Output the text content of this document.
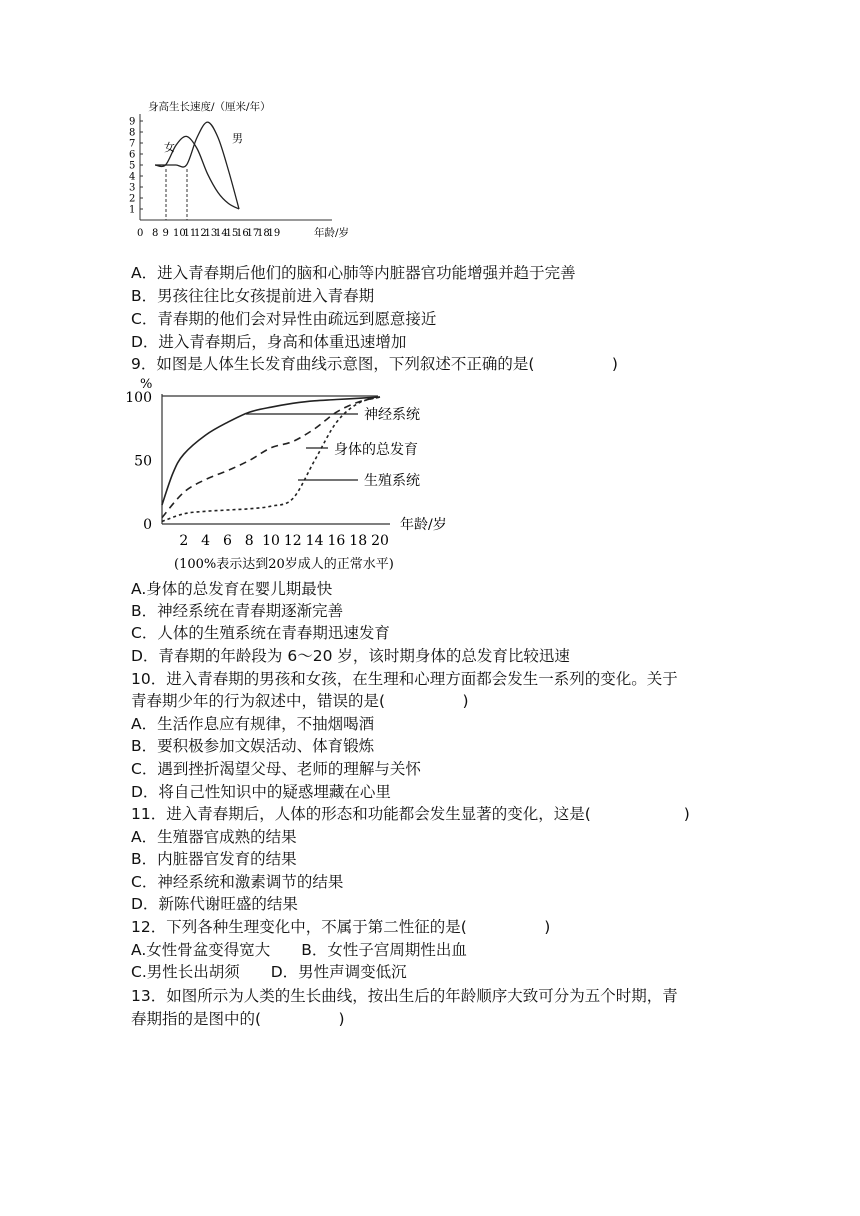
身高生长速度/（厘米/年）
1
2
3
4
5
6
7
8
9
0 8 9 10
11
12
13
14
15
16
17
18
19
女
男
年龄/岁
%
0
50
100
2 4 6 8 10 12 14 16 18 20
神经系统
身体的总发育
生殖系统
年龄/岁
(100%表示达到20岁成人的正常水平)
A．进入青春期后他们的脑和心肺等内脏器官功能增强并趋于完善
B．男孩往往比女孩提前进入青春期
C．青春期的他们会对异性由疏远到愿意接近
D．进入青春期后，身高和体重迅速增加
9．如图是人体生长发育曲线示意图，下列叙述不正确的是(　　　　　)
A.身体的总发育在婴儿期最快
B．神经系统在青春期逐渐完善
C．人体的生殖系统在青春期迅速发育
D．青春期的年龄段为 6～20 岁，该时期身体的总发育比较迅速
10．进入青春期的男孩和女孩，在生理和心理方面都会发生一系列的变化。关于
青春期少年的行为叙述中，错误的是(　　　　　)
A．生活作息应有规律，不抽烟喝酒
B．要积极参加文娱活动、体育锻炼
C．遇到挫折渴望父母、老师的理解与关怀
D．将自己性知识中的疑惑埋藏在心里
11．进入青春期后，人体的形态和功能都会发生显著的变化，这是(　　　　　　)
A．生殖器官成熟的结果
B．内脏器官发育的结果
C．神经系统和激素调节的结果
D．新陈代谢旺盛的结果
12．下列各种生理变化中，不属于第二性征的是(　　　　　)
A.女性骨盆变得宽大　　B．女性子宫周期性出血
C.男性长出胡须　　D．男性声调变低沉
13．如图所示为人类的生长曲线，按出生后的年龄顺序大致可分为五个时期，青
春期指的是图中的(　　　　　)
